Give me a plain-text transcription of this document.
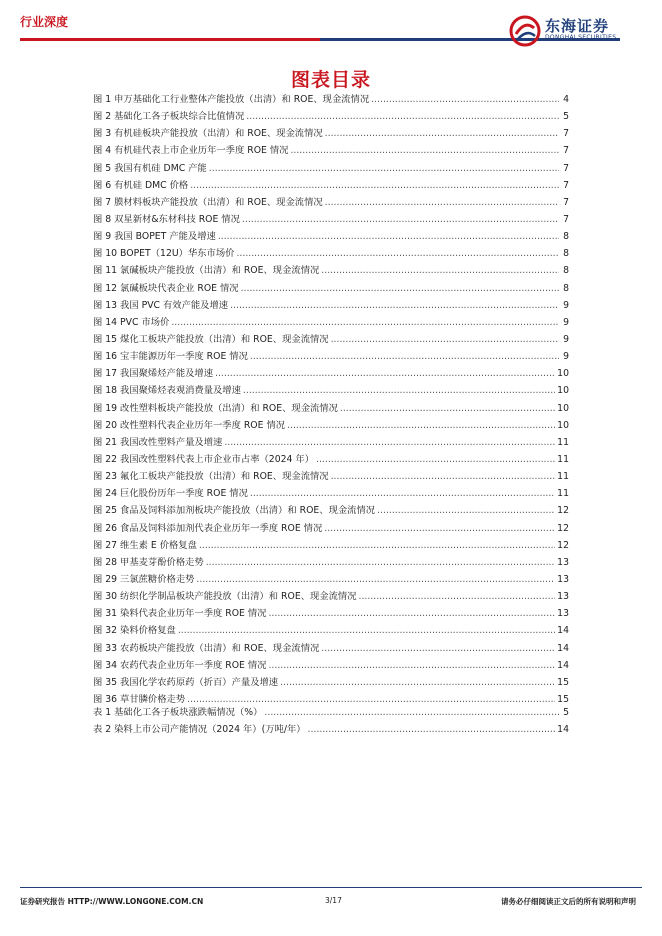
行业深度	东海证券
DONGHAI SECURITIES
图表目录
图 1 申万基础化工行业整体产能投放（出清）和 ROE、现金流情况 .....	4
图 2 基础化工各子板块综合比值情况 .....	5
图 3 有机硅板块产能投放（出清）和 ROE、现金流情况 .....	7
图 4 有机硅代表上市企业历年一季度 ROE 情况 .....	7
图 5 我国有机硅 DMC 产能 .....	7
图 6 有机硅 DMC 价格 .....	7
图 7 膜材料板块产能投放（出清）和 ROE、现金流情况 .....	7
图 8 双星新材&东材科技 ROE 情况 .....	7
图 9 我国 BOPET 产能及增速 .....	8
图 10 BOPET（12U）华东市场价 .....	8
图 11 氯碱板块产能投放（出清）和 ROE、现金流情况 .....	8
图 12 氯碱板块代表企业 ROE 情况 .....	8
图 13 我国 PVC 有效产能及增速 .....	9
图 14 PVC 市场价 .....	9
图 15 煤化工板块产能投放（出清）和 ROE、现金流情况 .....	9
图 16 宝丰能源历年一季度 ROE 情况 .....	9
图 17 我国聚烯烃产能及增速 .....	10
图 18 我国聚烯烃表观消费量及增速 .....	10
图 19 改性塑料板块产能投放（出清）和 ROE、现金流情况 .....	10
图 20 改性塑料代表企业历年一季度 ROE 情况 .....	10
图 21 我国改性塑料产量及增速 .....	11
图 22 我国改性塑料代表上市企业市占率（2024 年） .....	11
图 23 氟化工板块产能投放（出清）和 ROE、现金流情况 .....	11
图 24 巨化股份历年一季度 ROE 情况 .....	11
图 25 食品及饲料添加剂板块产能投放（出清）和 ROE、现金流情况 .....	12
图 26 食品及饲料添加剂代表企业历年一季度 ROE 情况 .....	12
图 27 维生素 E 价格复盘 .....	12
图 28 甲基麦芽酚价格走势 .....	13
图 29 三氯蔗糖价格走势 .....	13
图 30 纺织化学制品板块产能投放（出清）和 ROE、现金流情况 .....	13
图 31 染料代表企业历年一季度 ROE 情况 .....	13
图 32 染料价格复盘 .....	14
图 33 农药板块产能投放（出清）和 ROE、现金流情况 .....	14
图 34 农药代表企业历年一季度 ROE 情况 .....	14
图 35 我国化学农药原药（折百）产量及增速 .....	15
图 36 草甘膦价格走势 .....	15
表 1 基础化工各子板块涨跌幅情况（%） .....	5
表 2 染料上市公司产能情况（2024 年）(万吨/年） .....	14
证券研究报告 HTTP://WWW.LONGONE.COM.CN	3/17	请务必仔细阅读正文后的所有说明和声明
